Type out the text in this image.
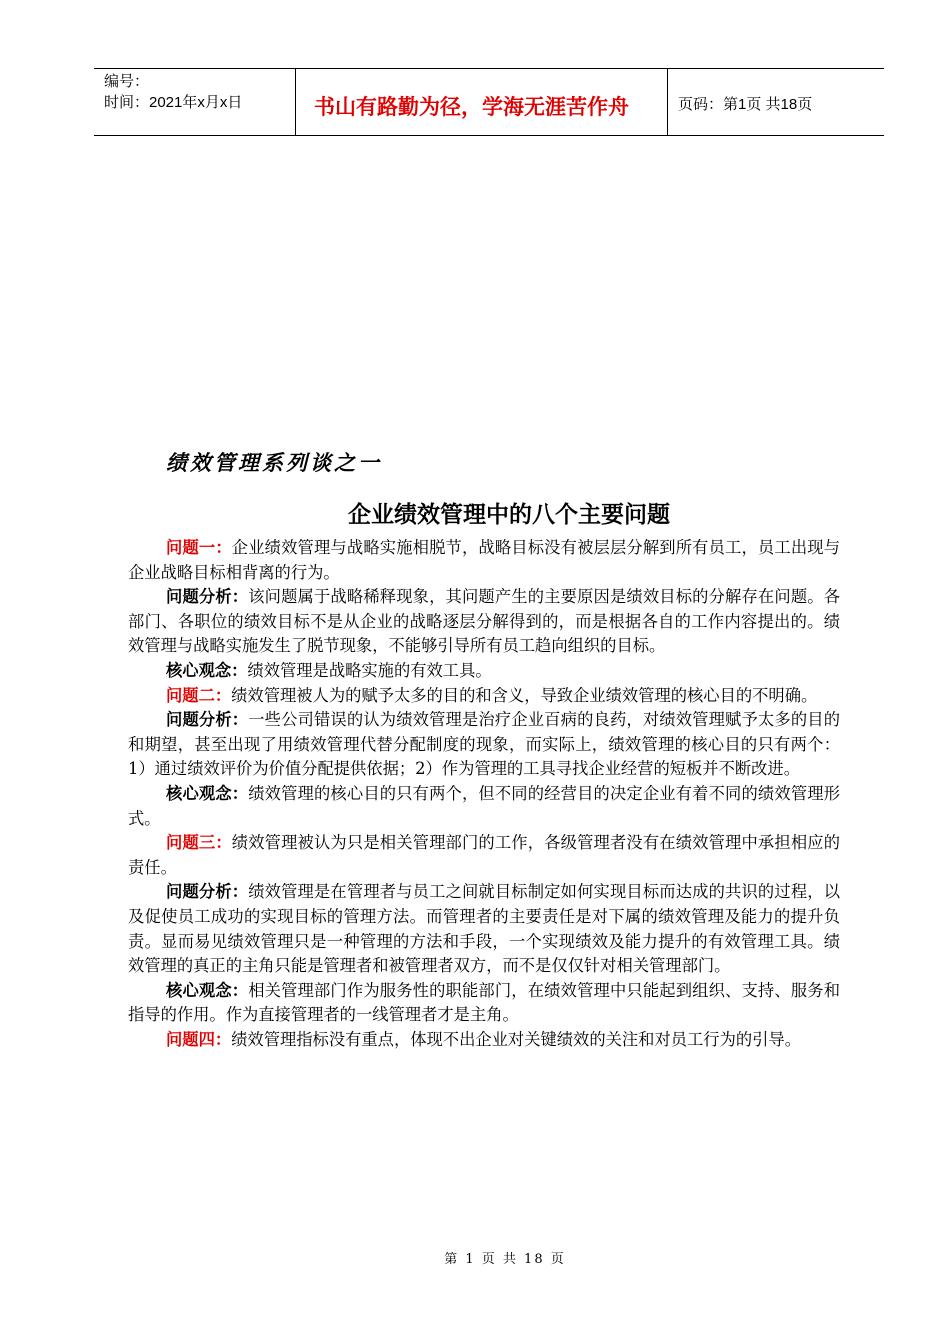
编号：
时间：2021年x月x日	书山有路勤为径，学海无涯苦作舟	页码：第1页 共18页
绩效管理系列谈之一
企业绩效管理中的八个主要问题

问题一：企业绩效管理与战略实施相脱节，战略目标没有被层层分解到所有员工，员工出现与企业战略目标相背离的行为。

问题分析：该问题属于战略稀释现象，其问题产生的主要原因是绩效目标的分解存在问题。各部门、各职位的绩效目标不是从企业的战略逐层分解得到的，而是根据各自的工作内容提出的。绩效管理与战略实施发生了脱节现象，不能够引导所有员工趋向组织的目标。

核心观念：绩效管理是战略实施的有效工具。

问题二：绩效管理被人为的赋予太多的目的和含义，导致企业绩效管理的核心目的不明确。

问题分析：一些公司错误的认为绩效管理是治疗企业百病的良药，对绩效管理赋予太多的目的和期望，甚至出现了用绩效管理代替分配制度的现象，而实际上，绩效管理的核心目的只有两个：1）通过绩效评价为价值分配提供依据；2）作为管理的工具寻找企业经营的短板并不断改进。

核心观念：绩效管理的核心目的只有两个，但不同的经营目的决定企业有着不同的绩效管理形式。

问题三：绩效管理被认为只是相关管理部门的工作，各级管理者没有在绩效管理中承担相应的责任。

问题分析：绩效管理是在管理者与员工之间就目标制定如何实现目标而达成的共识的过程，以及促使员工成功的实现目标的管理方法。而管理者的主要责任是对下属的绩效管理及能力的提升负责。显而易见绩效管理只是一种管理的方法和手段，一个实现绩效及能力提升的有效管理工具。绩效管理的真正的主角只能是管理者和被管理者双方，而不是仅仅针对相关管理部门。

核心观念：相关管理部门作为服务性的职能部门，在绩效管理中只能起到组织、支持、服务和指导的作用。作为直接管理者的一线管理者才是主角。

问题四：绩效管理指标没有重点，体现不出企业对关键绩效的关注和对员工行为的引导。

第 1 页 共 18 页
